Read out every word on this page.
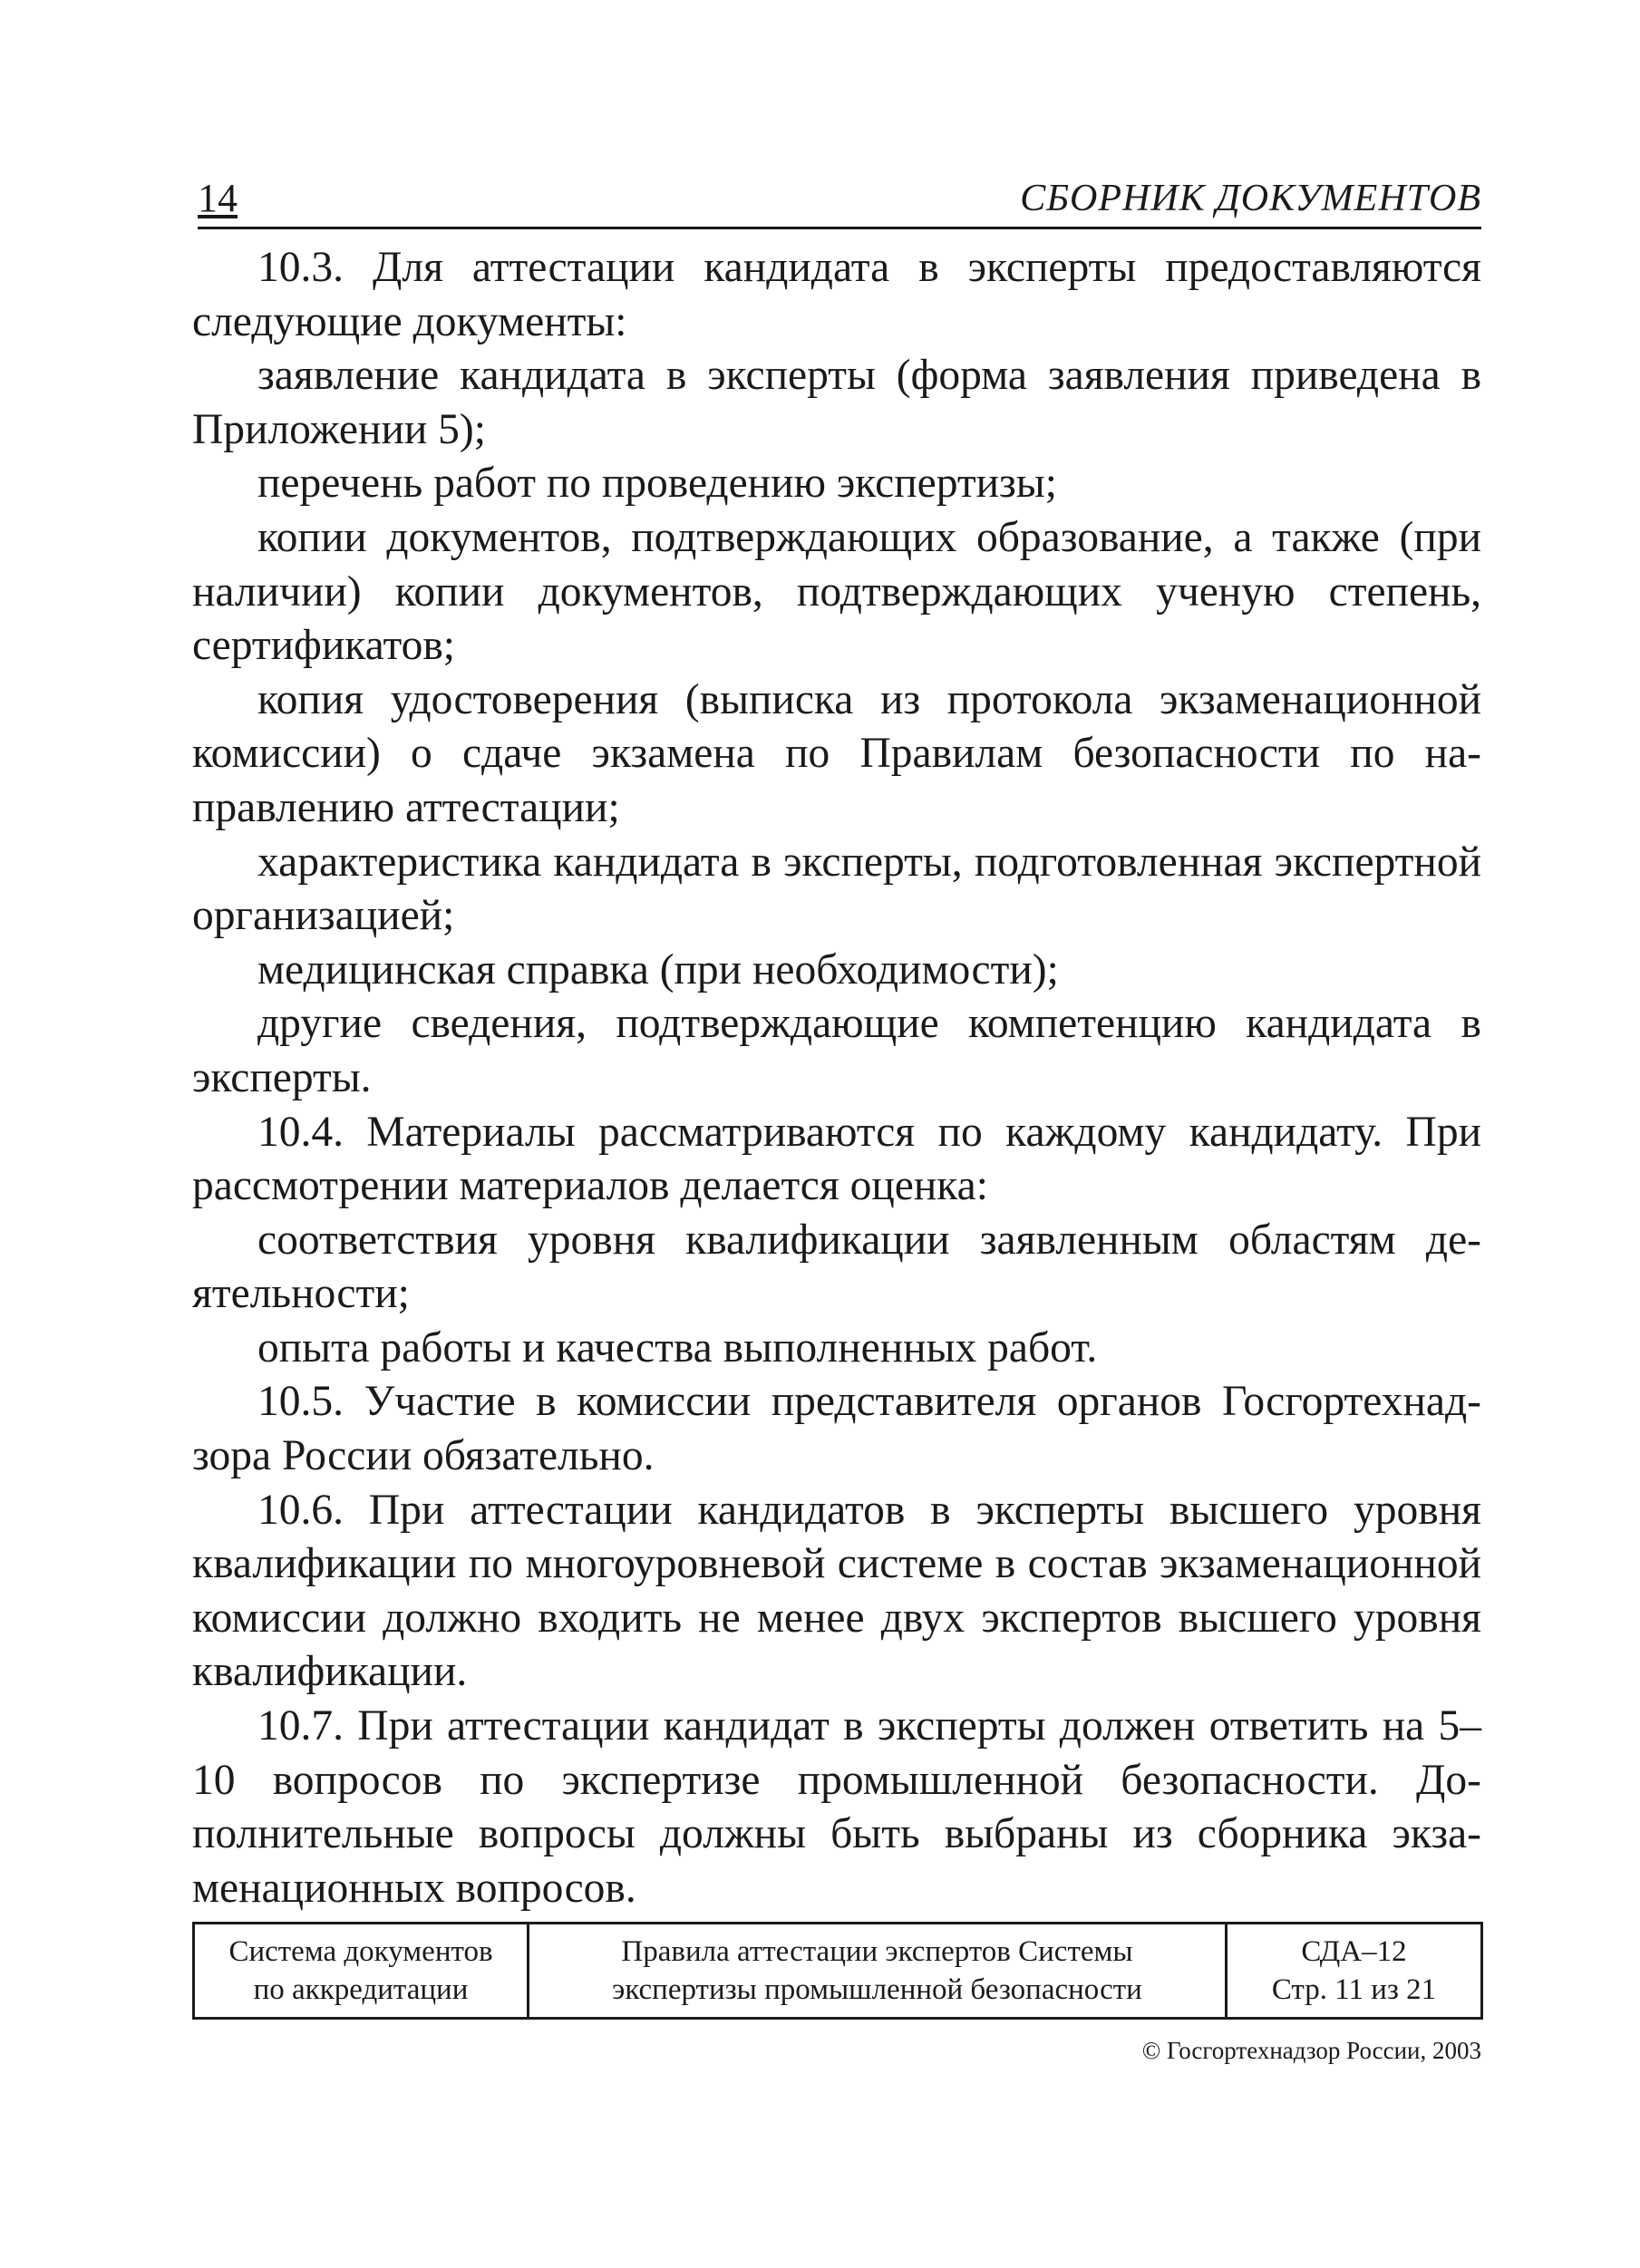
14	СБОРНИК ДОКУМЕНТОВ

10.3. Для аттестации кандидата в эксперты предоставляются следующие документы:

заявление кандидата в эксперты (форма заявления приведена в Приложении 5);

перечень работ по проведению экспертизы;

копии документов, подтверждающих образование, а также (при наличии) копии документов, подтверждающих ученую степень, сертификатов;

копия удостоверения (выписка из протокола экзаменационной комиссии) о сдаче экзамена по Правилам безопасности по направлению аттестации;

характеристика кандидата в эксперты, подготовленная экспертной организацией;

медицинская справка (при необходимости);

другие сведения, подтверждающие компетенцию кандидата в эксперты.

10.4. Материалы рассматриваются по каждому кандидату. При рассмотрении материалов делается оценка:

соответствия уровня квалификации заявленным областям деятельности;

опыта работы и качества выполненных работ.

10.5. Участие в комиссии представителя органов Госгортехнадзора России обязательно.

10.6. При аттестации кандидатов в эксперты высшего уровня квалификации по многоуровневой системе в состав экзаменационной комиссии должно входить не менее двух экспертов высшего уровня квалификации.

10.7. При аттестации кандидат в эксперты должен ответить на 5–10 вопросов по экспертизе промышленной безопасности. Дополнительные вопросы должны быть выбраны из сборника экзаменационных вопросов.

Система документов
по аккредитации
Правила аттестации экспертов Системы
экспертизы промышленной безопасности
СДА–12
Стр. 11 из 21
© Госгортехнадзор России, 2003
